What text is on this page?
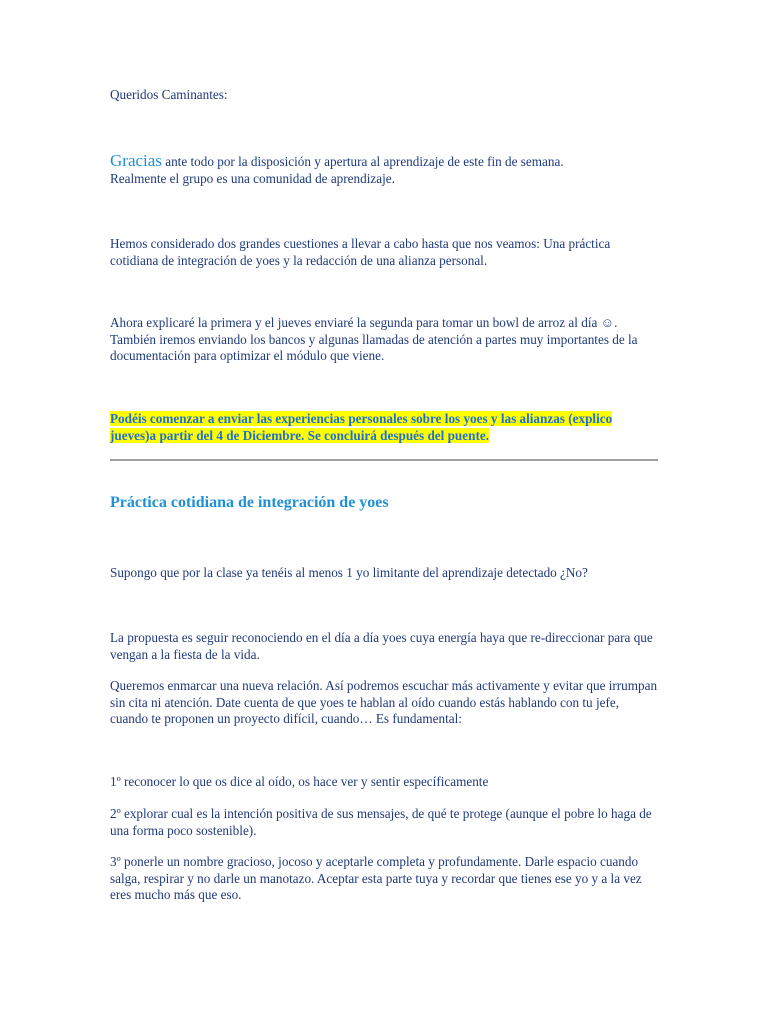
Queridos Caminantes:

Gracias ante todo por la disposición y apertura al aprendizaje de este fin de semana.
Realmente el grupo es una comunidad de aprendizaje.

Hemos considerado dos grandes cuestiones a llevar a cabo hasta que nos veamos: Una práctica cotidiana de integración de yoes y la redacción de una alianza personal.

Ahora explicaré la primera y el jueves enviaré la segunda para tomar un bowl de arroz al día ☺. También iremos enviando los bancos y algunas llamadas de atención a partes muy importantes de la documentación para optimizar el módulo que viene.

Podéis comenzar a enviar las experiencias personales sobre los yoes y las alianzas (explico jueves)a partir del 4 de Diciembre. Se concluirá después del puente.

Práctica cotidiana de integración de yoes

Supongo que por la clase ya tenéis al menos 1 yo limitante del aprendizaje detectado ¿No?

La propuesta es seguir reconociendo en el día a día yoes cuya energía haya que re-direccionar para que vengan a la fiesta de la vida.

Queremos enmarcar una nueva relación. Así podremos escuchar más activamente y evitar que irrumpan sin cita ni atención. Date cuenta de que yoes te hablan al oído cuando estás hablando con tu jefe, cuando te proponen un proyecto difícil, cuando… Es fundamental:

1º reconocer lo que os dice al oído, os hace ver y sentir específicamente

2º explorar cual es la intención positiva de sus mensajes, de qué te protege (aunque el pobre lo haga de una forma poco sostenible).

3º ponerle un nombre gracioso, jocoso y aceptarle completa y profundamente. Darle espacio cuando salga, respirar y no darle un manotazo. Aceptar esta parte tuya y recordar que tienes ese yo y a la vez eres mucho más que eso.
